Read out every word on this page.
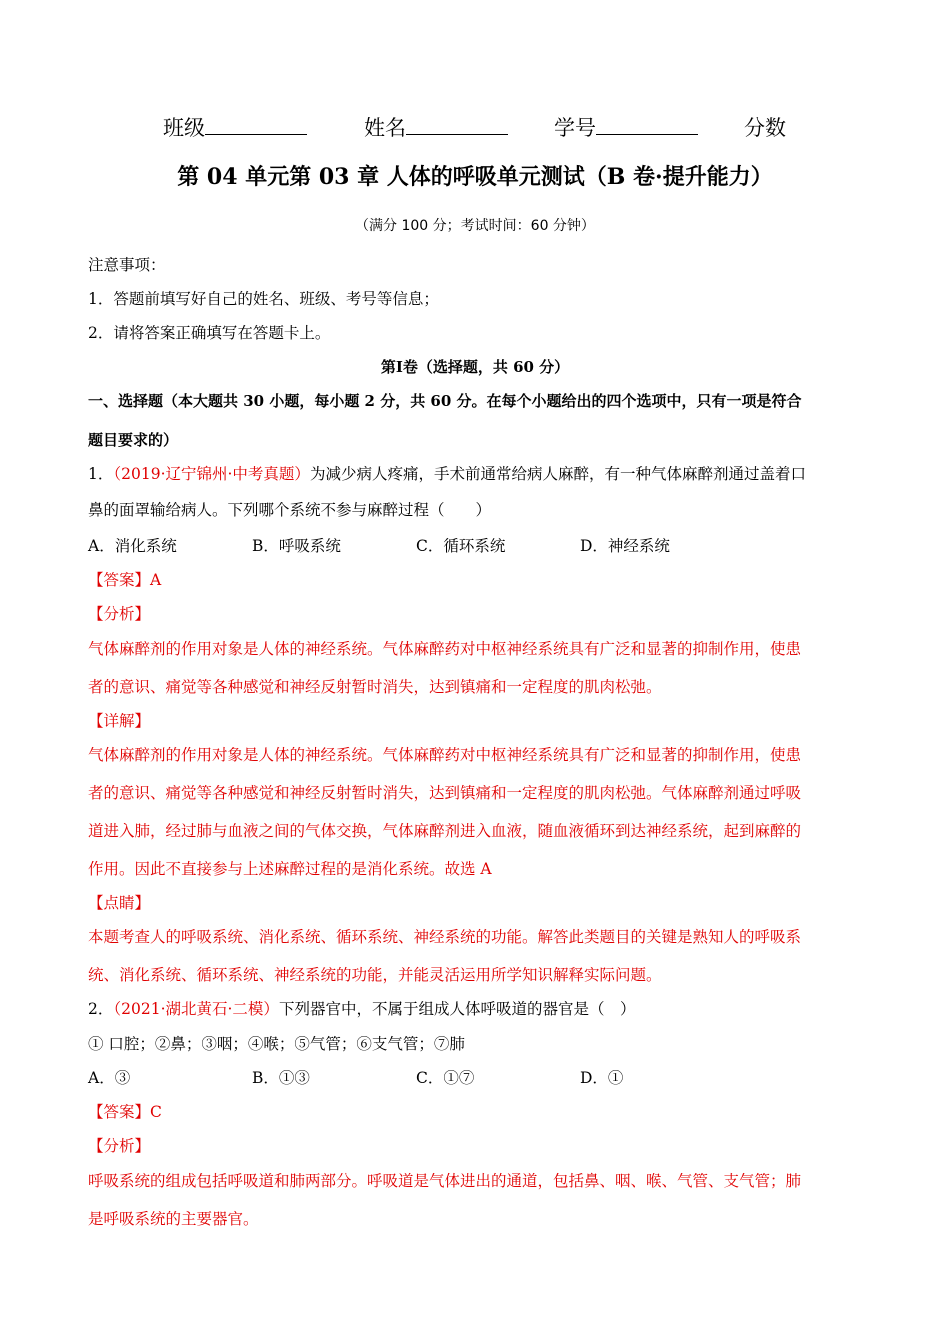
班级	姓名	学号	分数
第 04 单元第 03 章 人体的呼吸单元测试（B 卷·提升能力）
（满分 100 分；考试时间：60 分钟）
注意事项：
1．答题前填写好自己的姓名、班级、考号等信息；
2．请将答案正确填写在答题卡上。
第Ⅰ卷（选择题，共 60 分）
一、选择题（本大题共 30 小题，每小题 2 分，共 60 分。在每个小题给出的四个选项中，只有一项是符合
题目要求的）
1．（2019·辽宁锦州·中考真题）为减少病人疼痛，手术前通常给病人麻醉，有一种气体麻醉剂通过盖着口
鼻的面罩输给病人。下列哪个系统不参与麻醉过程（　　）
A．消化系统	B．呼吸系统	C．循环系统	D．神经系统
【答案】A
【分析】
气体麻醉剂的作用对象是人体的神经系统。气体麻醉药对中枢神经系统具有广泛和显著的抑制作用，使患
者的意识、痛觉等各种感觉和神经反射暂时消失，达到镇痛和一定程度的肌肉松弛。
【详解】
气体麻醉剂的作用对象是人体的神经系统。气体麻醉药对中枢神经系统具有广泛和显著的抑制作用，使患
者的意识、痛觉等各种感觉和神经反射暂时消失，达到镇痛和一定程度的肌肉松弛。气体麻醉剂通过呼吸
道进入肺，经过肺与血液之间的气体交换，气体麻醉剂进入血液，随血液循环到达神经系统，起到麻醉的
作用。因此不直接参与上述麻醉过程的是消化系统。故选 A
【点睛】
本题考查人的呼吸系统、消化系统、循环系统、神经系统的功能。解答此类题目的关键是熟知人的呼吸系
统、消化系统、循环系统、神经系统的功能，并能灵活运用所学知识解释实际问题。
2．（2021·湖北黄石·二模）下列器官中，不属于组成人体呼吸道的器官是（　）
① 口腔；②鼻；③咽；④喉；⑤气管；⑥支气管；⑦肺
A．③	B．①③	C．①⑦	D．①
【答案】C
【分析】
呼吸系统的组成包括呼吸道和肺两部分。呼吸道是气体进出的通道，包括鼻、咽、喉、气管、支气管；肺
是呼吸系统的主要器官。
